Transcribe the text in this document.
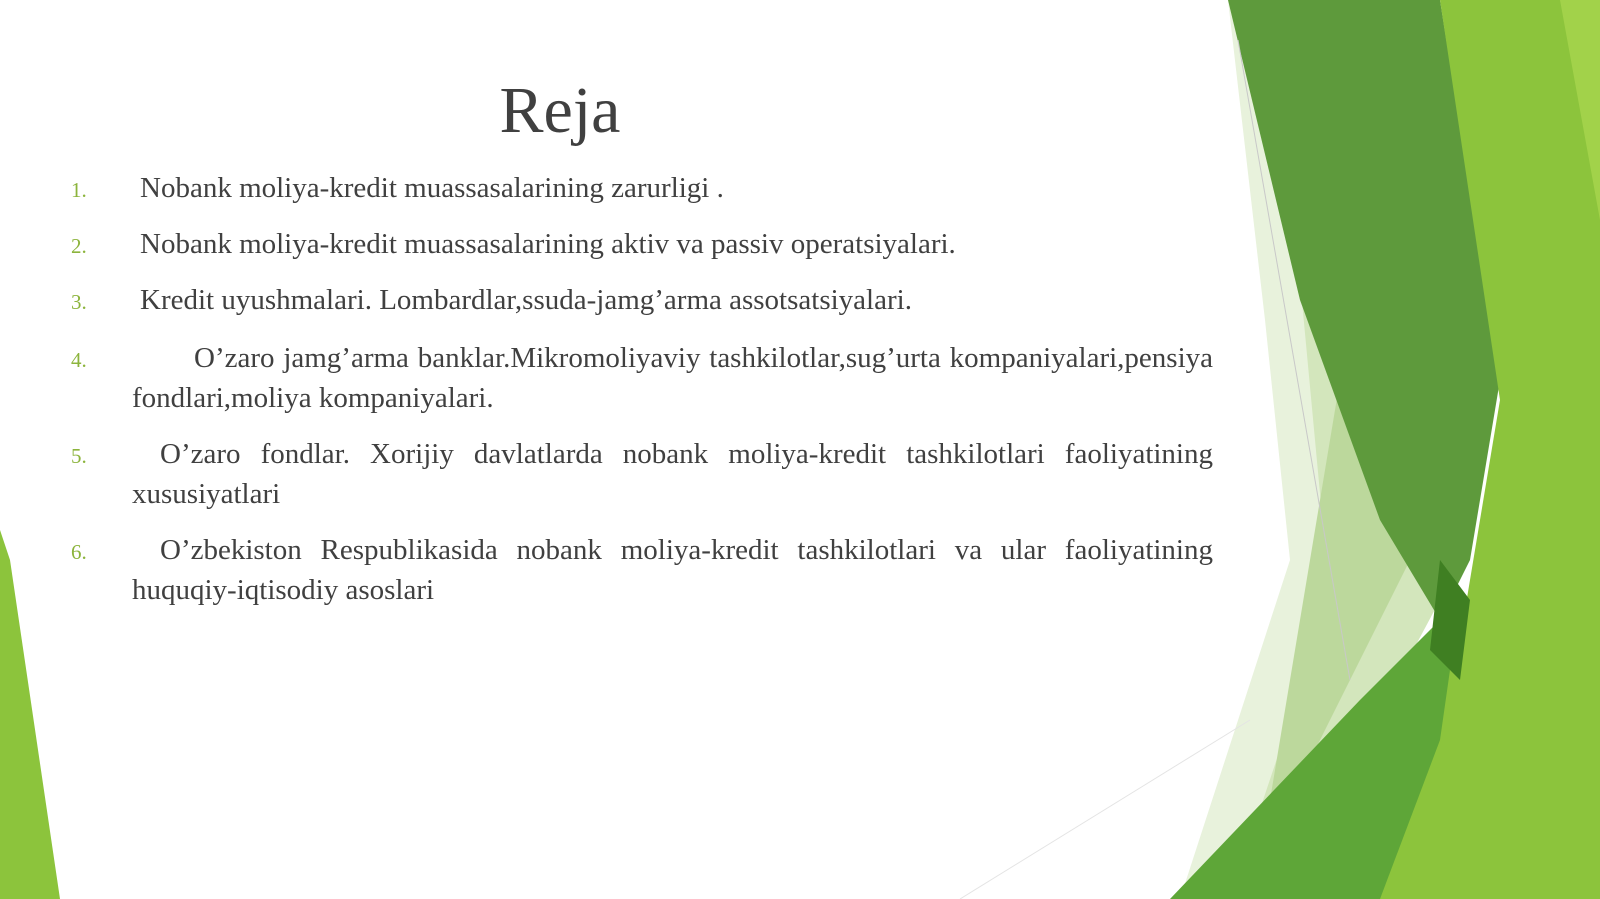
Reja
1. Nobank moliya-kredit muassasalarining zarurligi .
2. Nobank moliya-kredit muassasalarining aktiv va passiv operatsiyalari.
3. Kredit uyushmalari. Lombardlar,ssuda-jamg’arma assotsatsiyalari.
4.	O’zaro jamg’arma banklar.Mikromoliyaviy tashkilotlar,sug’urta kompaniyalari,pensiya fondlari,moliya kompaniyalari.
5.	O’zaro fondlar. Xorijiy davlatlarda nobank moliya-kredit tashkilotlari faoliyatining xususiyatlari
6.	O’zbekiston Respublikasida nobank moliya-kredit tashkilotlari va ular faoliyatining huquqiy-iqtisodiy asoslari
